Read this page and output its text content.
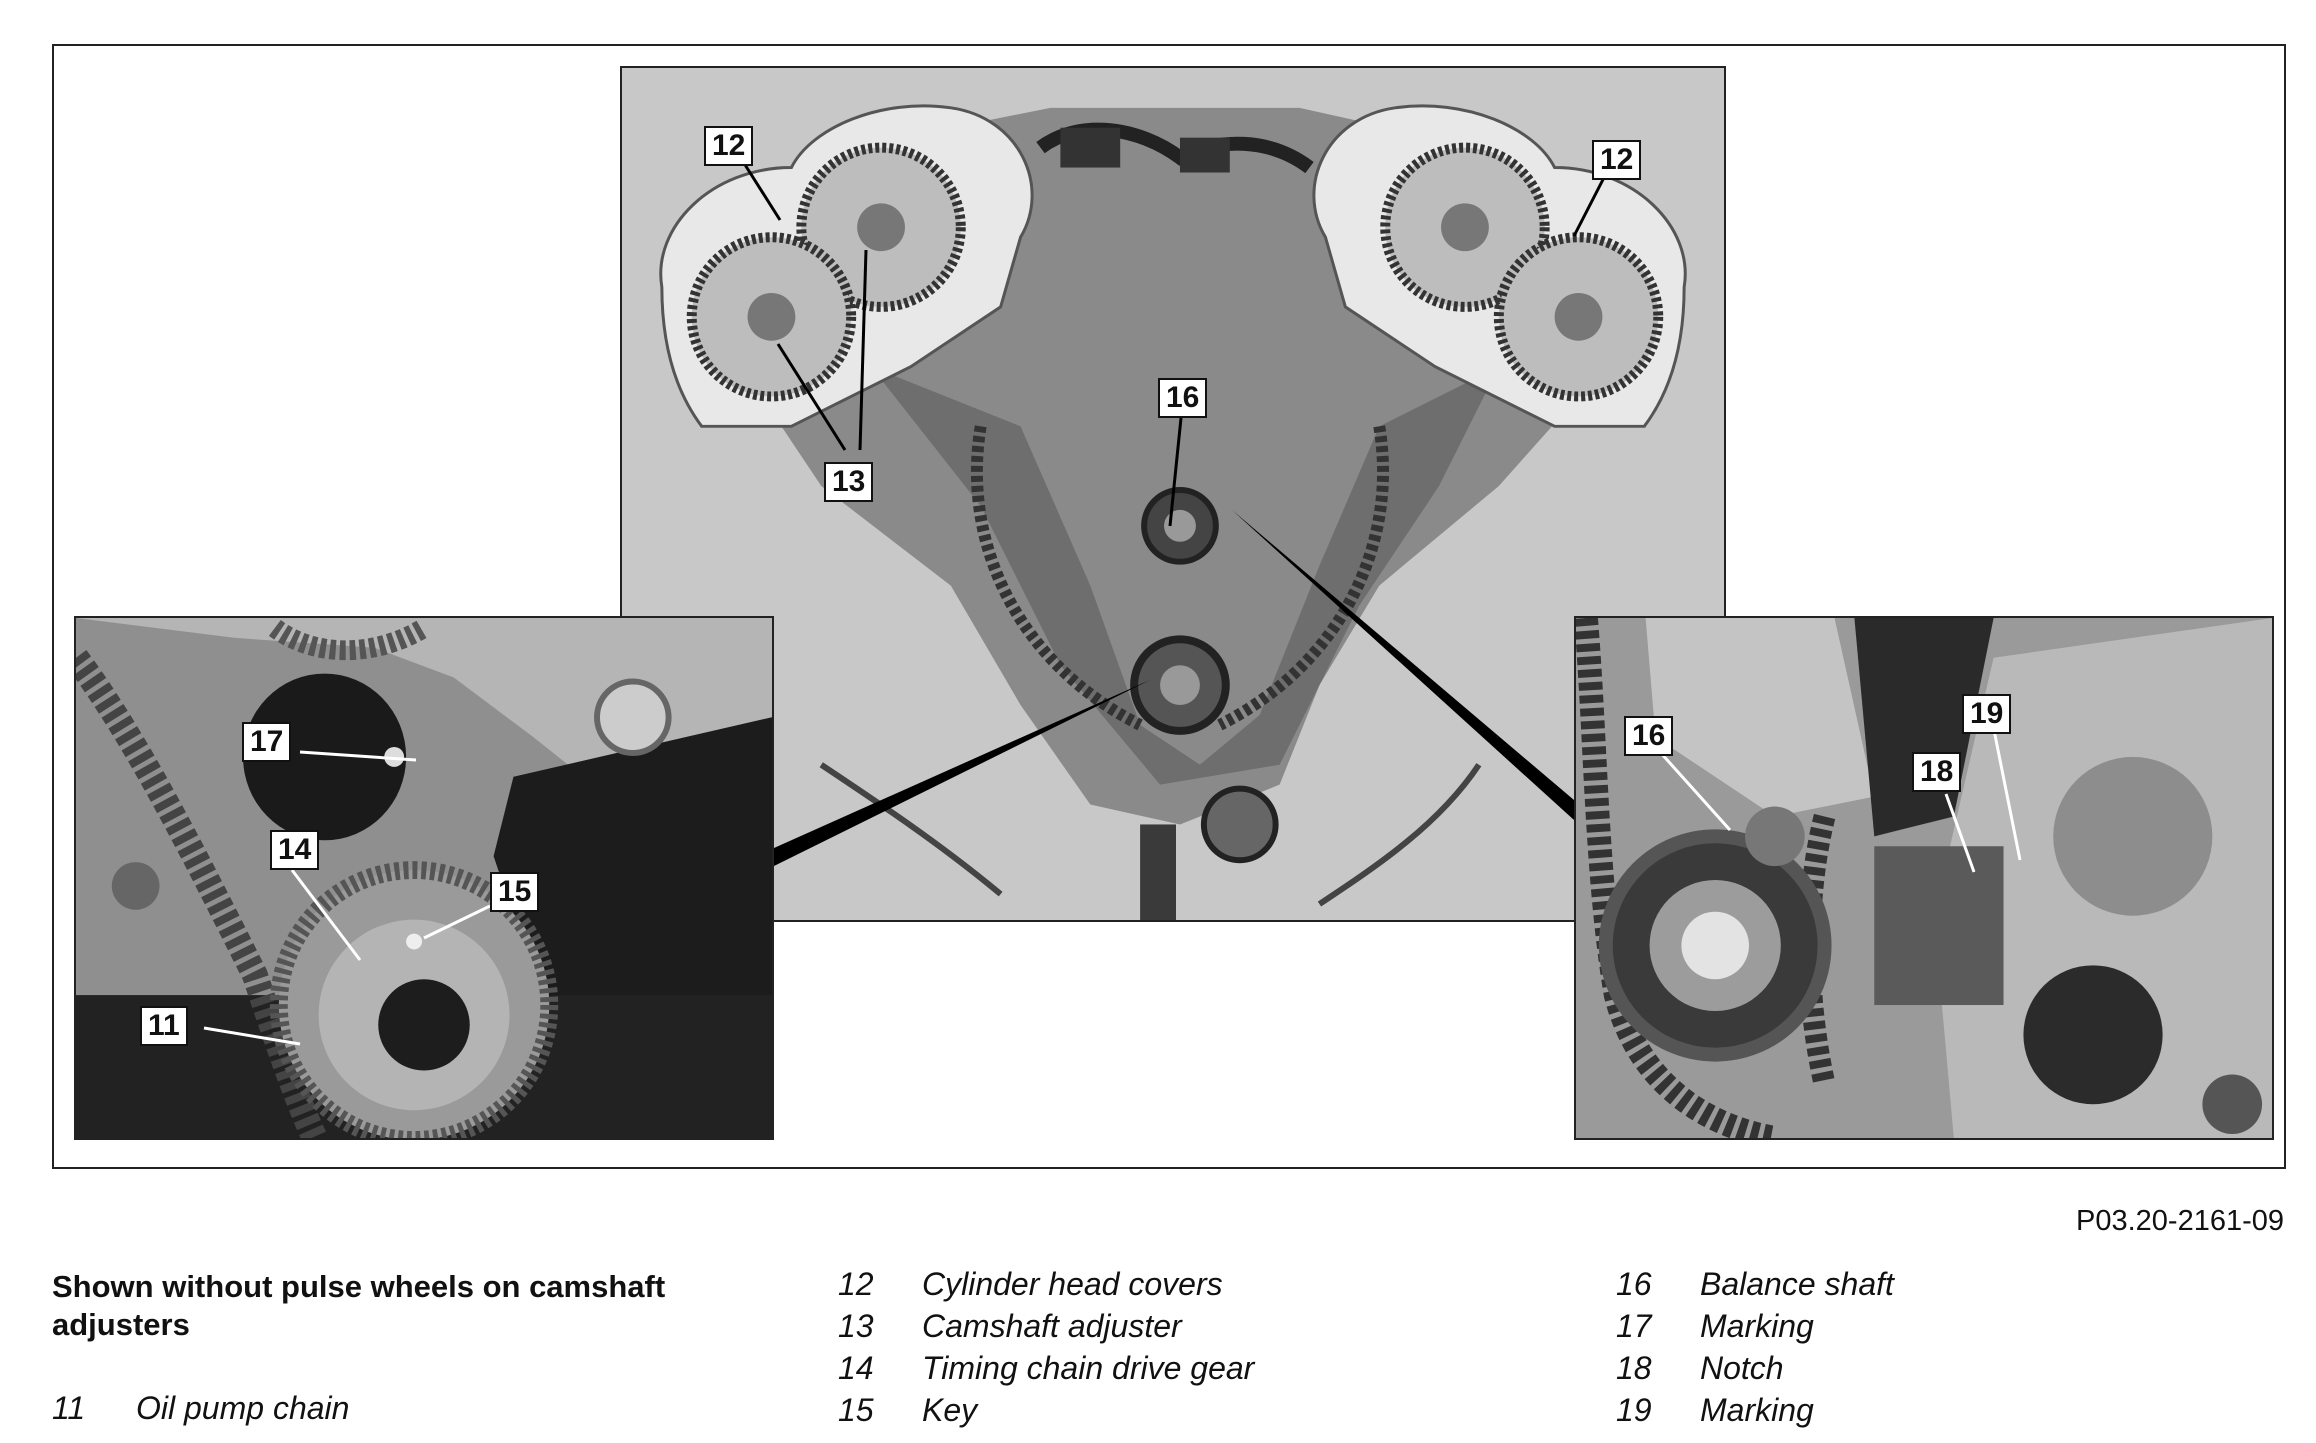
12	12
13
16
17
14
15
11
16
18
19
P03.20-2161-09
Shown without pulse wheels on camshaft adjusters
11 Oil pump chain
12 Cylinder head covers
13 Camshaft adjuster
14 Timing chain drive gear
15 Key
16 Balance shaft
17 Marking
18 Notch
19 Marking
